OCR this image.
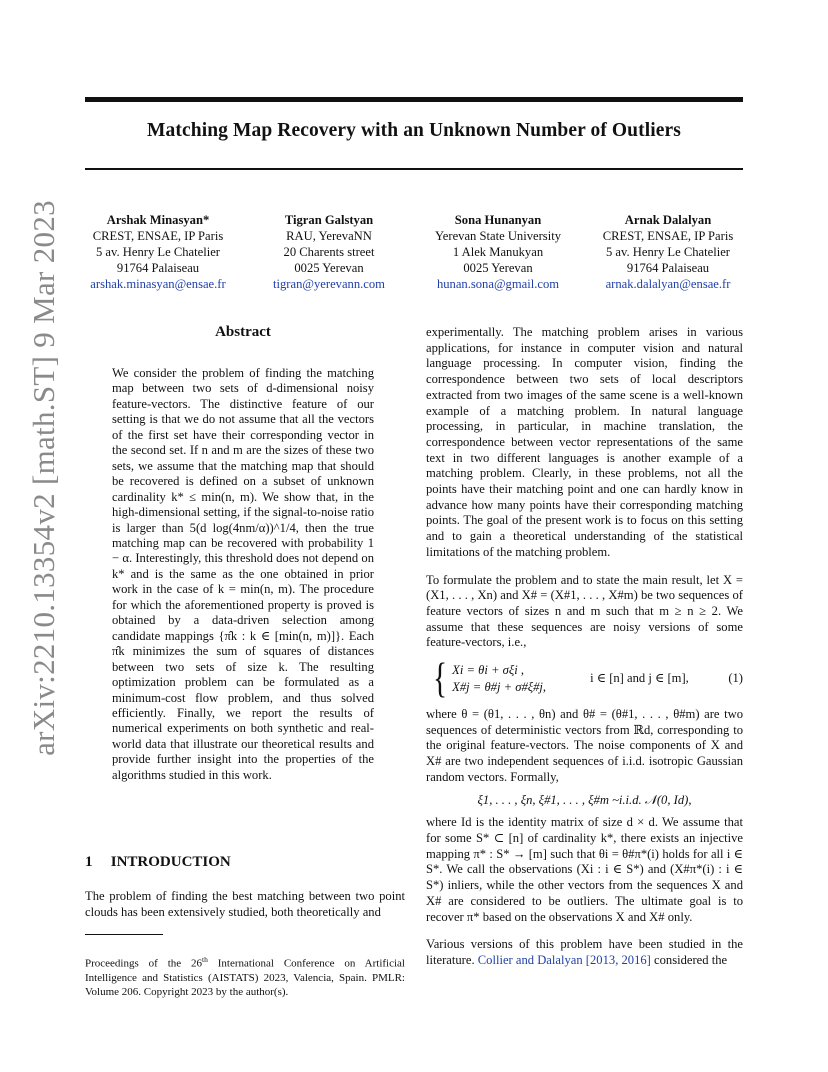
Matching Map Recovery with an Unknown Number of Outliers
arXiv:2210.13354v2 [math.ST] 9 Mar 2023	Arshak Minasyan*
CREST, ENSAE, IP Paris
5 av. Henry Le Chatelier
91764 Palaiseau
arshak.minasyan@ensae.fr
Tigran Galstyan
RAU, YerevaNN
20 Charents street
0025 Yerevan
tigran@yerevann.com
Sona Hunanyan
Yerevan State University
1 Alek Manukyan
0025 Yerevan
hunan.sona@gmail.com
Arnak Dalalyan
CREST, ENSAE, IP Paris
5 av. Henry Le Chatelier
91764 Palaiseau
arnak.dalalyan@ensae.fr
Abstract
We consider the problem of finding the matching map between two sets of d-dimensional noisy feature-vectors. The distinctive feature of our setting is that we do not assume that all the vectors of the first set have their corresponding vector in the second set. If n and m are the sizes of these two sets, we assume that the matching map that should be recovered is defined on a subset of unknown cardinality k* ≤ min(n, m). We show that, in the high-dimensional setting, if the signal-to-noise ratio is larger than 5(d log(4nm/α))^1/4, then the true matching map can be recovered with probability 1 − α. Interestingly, this threshold does not depend on k* and is the same as the one obtained in prior work in the case of k = min(n, m). The procedure for which the aforementioned property is proved is obtained by a data-driven selection among candidate mappings {π̂k : k ∈ [min(n, m)]}. Each π̂k minimizes the sum of squares of distances between two sets of size k. The resulting optimization problem can be formulated as a minimum-cost flow problem, and thus solved efficiently. Finally, we report the results of numerical experiments on both synthetic and real-world data that illustrate our theoretical results and provide further insight into the properties of the algorithms studied in this work.
1 INTRODUCTION
The problem of finding the best matching between two point clouds has been extensively studied, both theoretically and
Proceedings of the 26th International Conference on Artificial Intelligence and Statistics (AISTATS) 2023, Valencia, Spain. PMLR: Volume 206. Copyright 2023 by the author(s).

experimentally. The matching problem arises in various applications, for instance in computer vision and natural language processing. In computer vision, finding the correspondence between two sets of local descriptors extracted from two images of the same scene is a well-known example of a matching problem. In natural language processing, in particular, in machine translation, the correspondence between vector representations of the same text in two different languages is another example of a matching problem. Clearly, in these problems, not all the points have their matching point and one can hardly know in advance how many points have their corresponding matching points. The goal of the present work is to focus on this setting and to gain a theoretical understanding of the statistical limitations of the matching problem.

To formulate the problem and to state the main result, let X = (X1, . . . , Xn) and X# = (X#1, . . . , X#m) be two sequences of feature vectors of sizes n and m such that m ≥ n ≥ 2. We assume that these sequences are noisy versions of some feature-vectors, i.e.,

{ Xi = θi + σξi ,
X#j = θ#j + σ#ξ#j,
i ∈ [n] and j ∈ [m],	(1)

where θ = (θ1, . . . , θn) and θ# = (θ#1, . . . , θ#m) are two sequences of deterministic vectors from ℝd, corresponding to the original feature-vectors. The noise components of X and X# are two independent sequences of i.i.d. isotropic Gaussian random vectors. Formally,

ξ1, . . . , ξn, ξ#1, . . . , ξ#m ~i.i.d. 𝒩(0, Id),

where Id is the identity matrix of size d × d. We assume that for some S* ⊂ [n] of cardinality k*, there exists an injective mapping π* : S* → [m] such that θi = θ#π*(i) holds for all i ∈ S*. We call the observations (Xi : i ∈ S*) and (X#π*(i) : i ∈ S*) inliers, while the other vectors from the sequences X and X# are considered to be outliers. The ultimate goal is to recover π* based on the observations X and X# only.

Various versions of this problem have been studied in the literature. Collier and Dalalyan [2013, 2016] considered the
